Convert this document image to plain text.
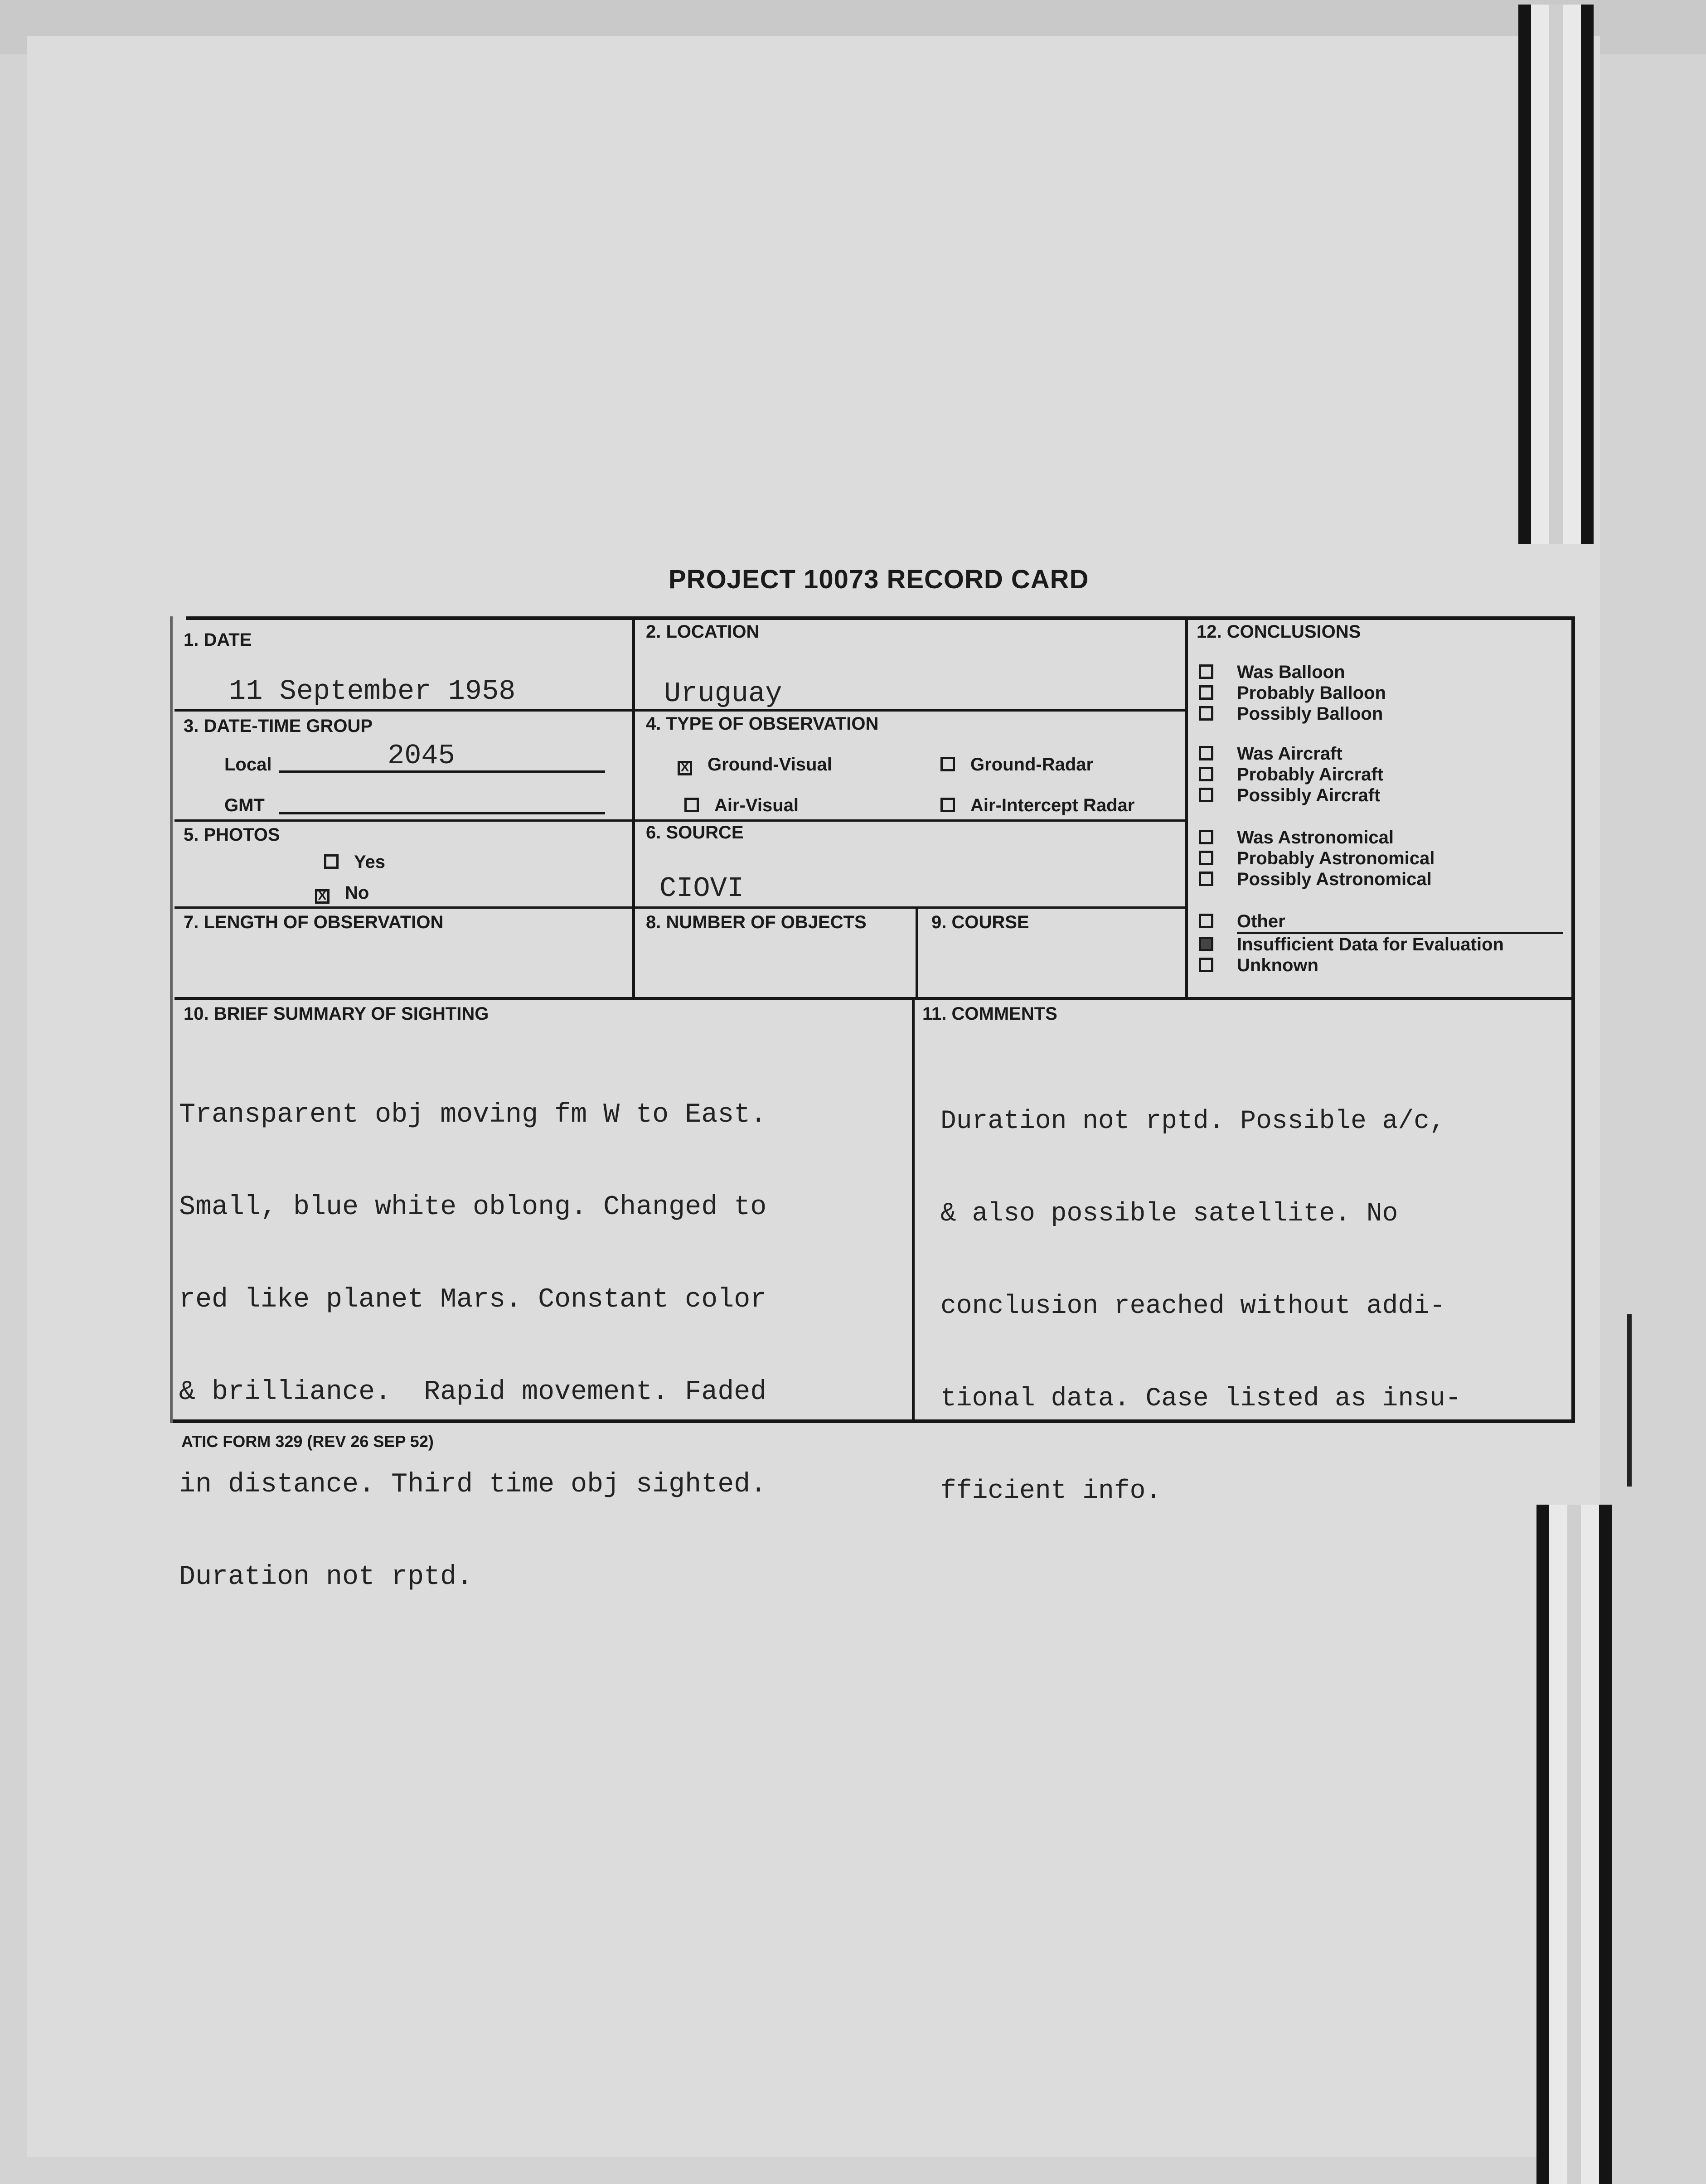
PROJECT 10073 RECORD CARD
1. DATE
11 September 1958
2. LOCATION
Uruguay
3. DATE-TIME GROUP
Local	2045
GMT
4. TYPE OF OBSERVATION
X Ground-Visual	Ground-Radar
Air-Visual	Air-Intercept Radar
5. PHOTOS
Yes
X No
6. SOURCE
CIOVI
7. LENGTH OF OBSERVATION	8. NUMBER OF OBJECTS	9. COURSE
10. BRIEF SUMMARY OF SIGHTING

Transparent obj moving fm W to East.

Small, blue white oblong. Changed to

red like planet Mars. Constant color

& brilliance.  Rapid movement. Faded

in distance. Third time obj sighted.

Duration not rptd.

11. COMMENTS

Duration not rptd. Possible a/c,

& also possible satellite. No

conclusion reached without addi-

tional data. Case listed as insu-

fficient info.

12. CONCLUSIONS
Was Balloon
Probably Balloon
Possibly Balloon
Was Aircraft
Probably Aircraft
Possibly Aircraft
Was Astronomical
Probably Astronomical
Possibly Astronomical
Other
Insufficient Data for Evaluation
Unknown
ATIC FORM 329 (REV 26 SEP 52)
